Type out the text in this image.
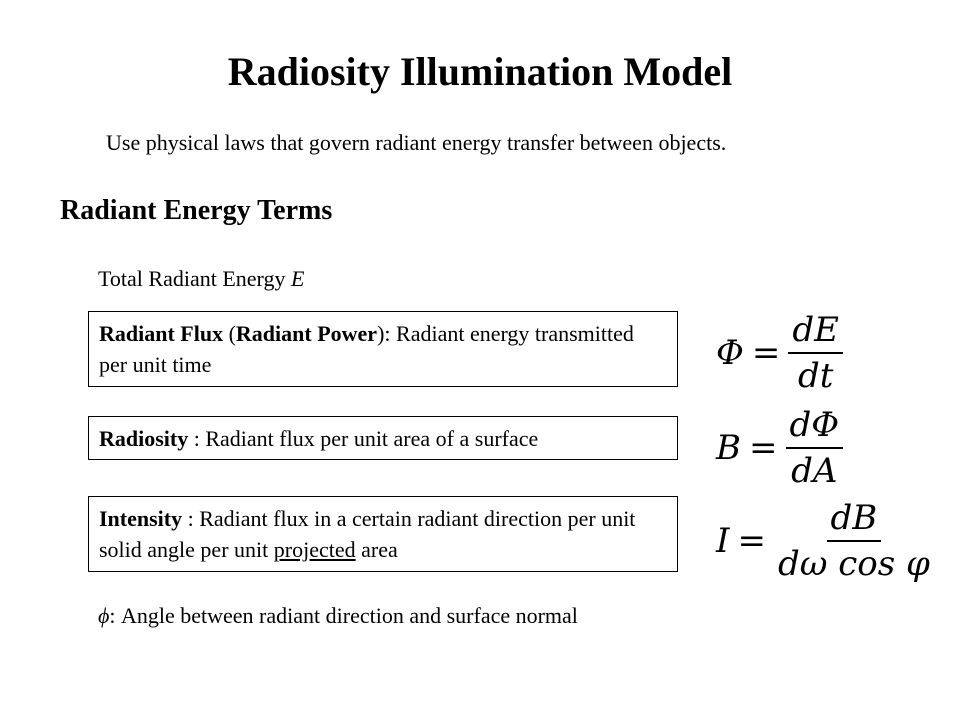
Radiosity Illumination Model
Use physical laws that govern radiant energy transfer between objects.
Radiant Energy Terms
Total Radiant Energy E
Radiant Flux (Radiant Power): Radiant energy transmitted per unit time
Radiosity : Radiant flux per unit area of a surface
Intensity : Radiant flux in a certain radiant direction per unit solid angle per unit projected area
$\Phi = \frac{dE}{dt}$
$B = \frac{d\Phi}{dA}$
$I = \frac{dB}{\text{dω cos φ}}$
ϕ: Angle between radiant direction and surface normal
